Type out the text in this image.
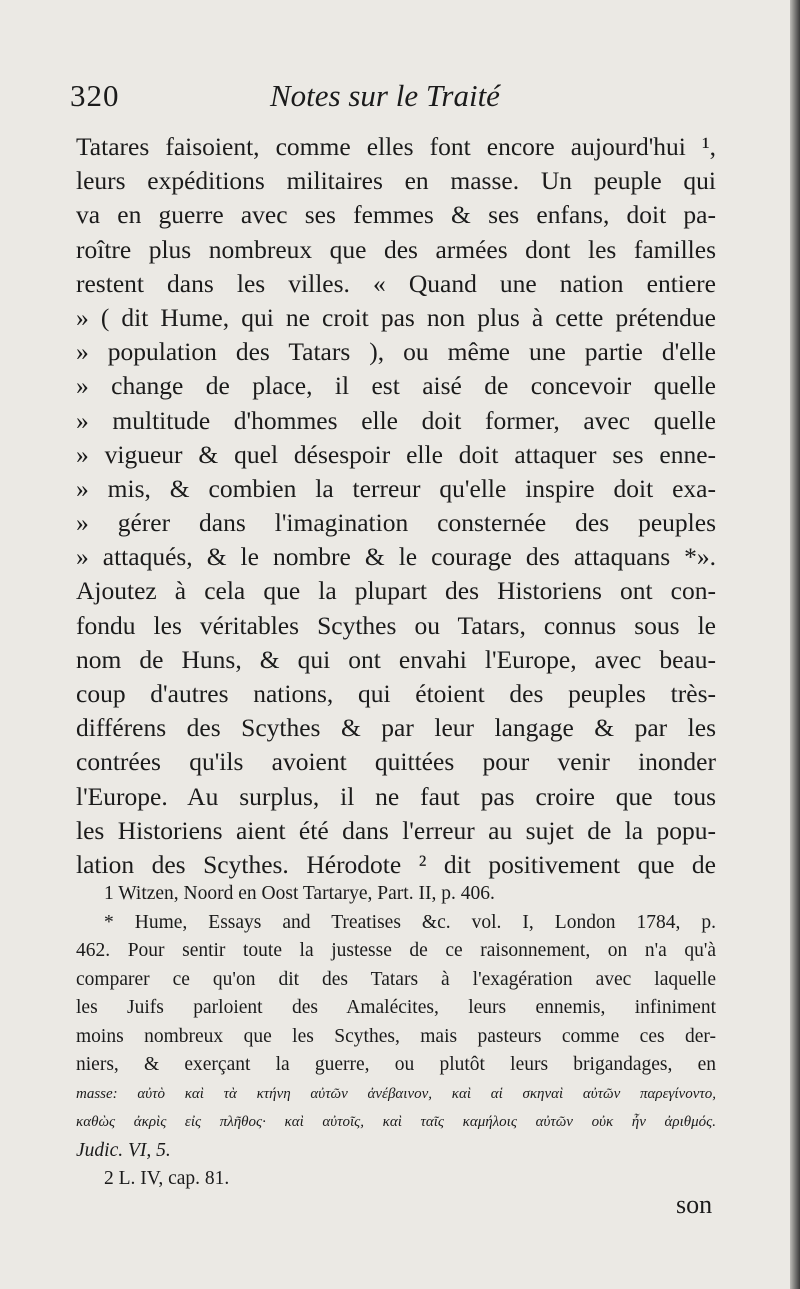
320	Notes sur le Traité
Tatares faisoient, comme elles font encore aujourd'hui ¹,
leurs expéditions militaires en masse. Un peuple qui
va en guerre avec ses femmes & ses enfans, doit pa-
roître plus nombreux que des armées dont les familles
restent dans les villes. « Quand une nation entiere
» ( dit Hume, qui ne croit pas non plus à cette prétendue
» population des Tatars ), ou même une partie d'elle
» change de place, il est aisé de concevoir quelle
» multitude d'hommes elle doit former, avec quelle
» vigueur & quel désespoir elle doit attaquer ses enne-
» mis, & combien la terreur qu'elle inspire doit exa-
» gérer dans l'imagination consternée des peuples
» attaqués, & le nombre & le courage des attaquans *».
Ajoutez à cela que la plupart des Historiens ont con-
fondu les véritables Scythes ou Tatars, connus sous le
nom de Huns, & qui ont envahi l'Europe, avec beau-
coup d'autres nations, qui étoient des peuples très-
différens des Scythes & par leur langage & par les
contrées qu'ils avoient quittées pour venir inonder
l'Europe. Au surplus, il ne faut pas croire que tous
les Historiens aient été dans l'erreur au sujet de la popu-
lation des Scythes. Hérodote ² dit positivement que de
1 Witzen, Noord en Oost Tartarye, Part. II, p. 406.
* Hume, Essays and Treatises &c. vol. I, London 1784, p.
462. Pour sentir toute la justesse de ce raisonnement, on n'a qu'à
comparer ce qu'on dit des Tatars à l'exagération avec laquelle
les Juifs parloient des Amalécites, leurs ennemis, infiniment
moins nombreux que les Scythes, mais pasteurs comme ces der-
niers, & exerçant la guerre, ou plutôt leurs brigandages, en
masse: αὐτὸ καὶ τὰ κτήνη αὐτῶν ἀνέβαινον, καὶ αἱ σκηναὶ αὐτῶν παρεγίνοντο,
καθὼς ἀκρὶς εἰς πλῆθος· καὶ αὐτοῖς, καὶ ταῖς καμήλοις αὐτῶν οὐκ ἦν ἀριθμός.
Judic. VI, 5.
2 L. IV, cap. 81.
son
